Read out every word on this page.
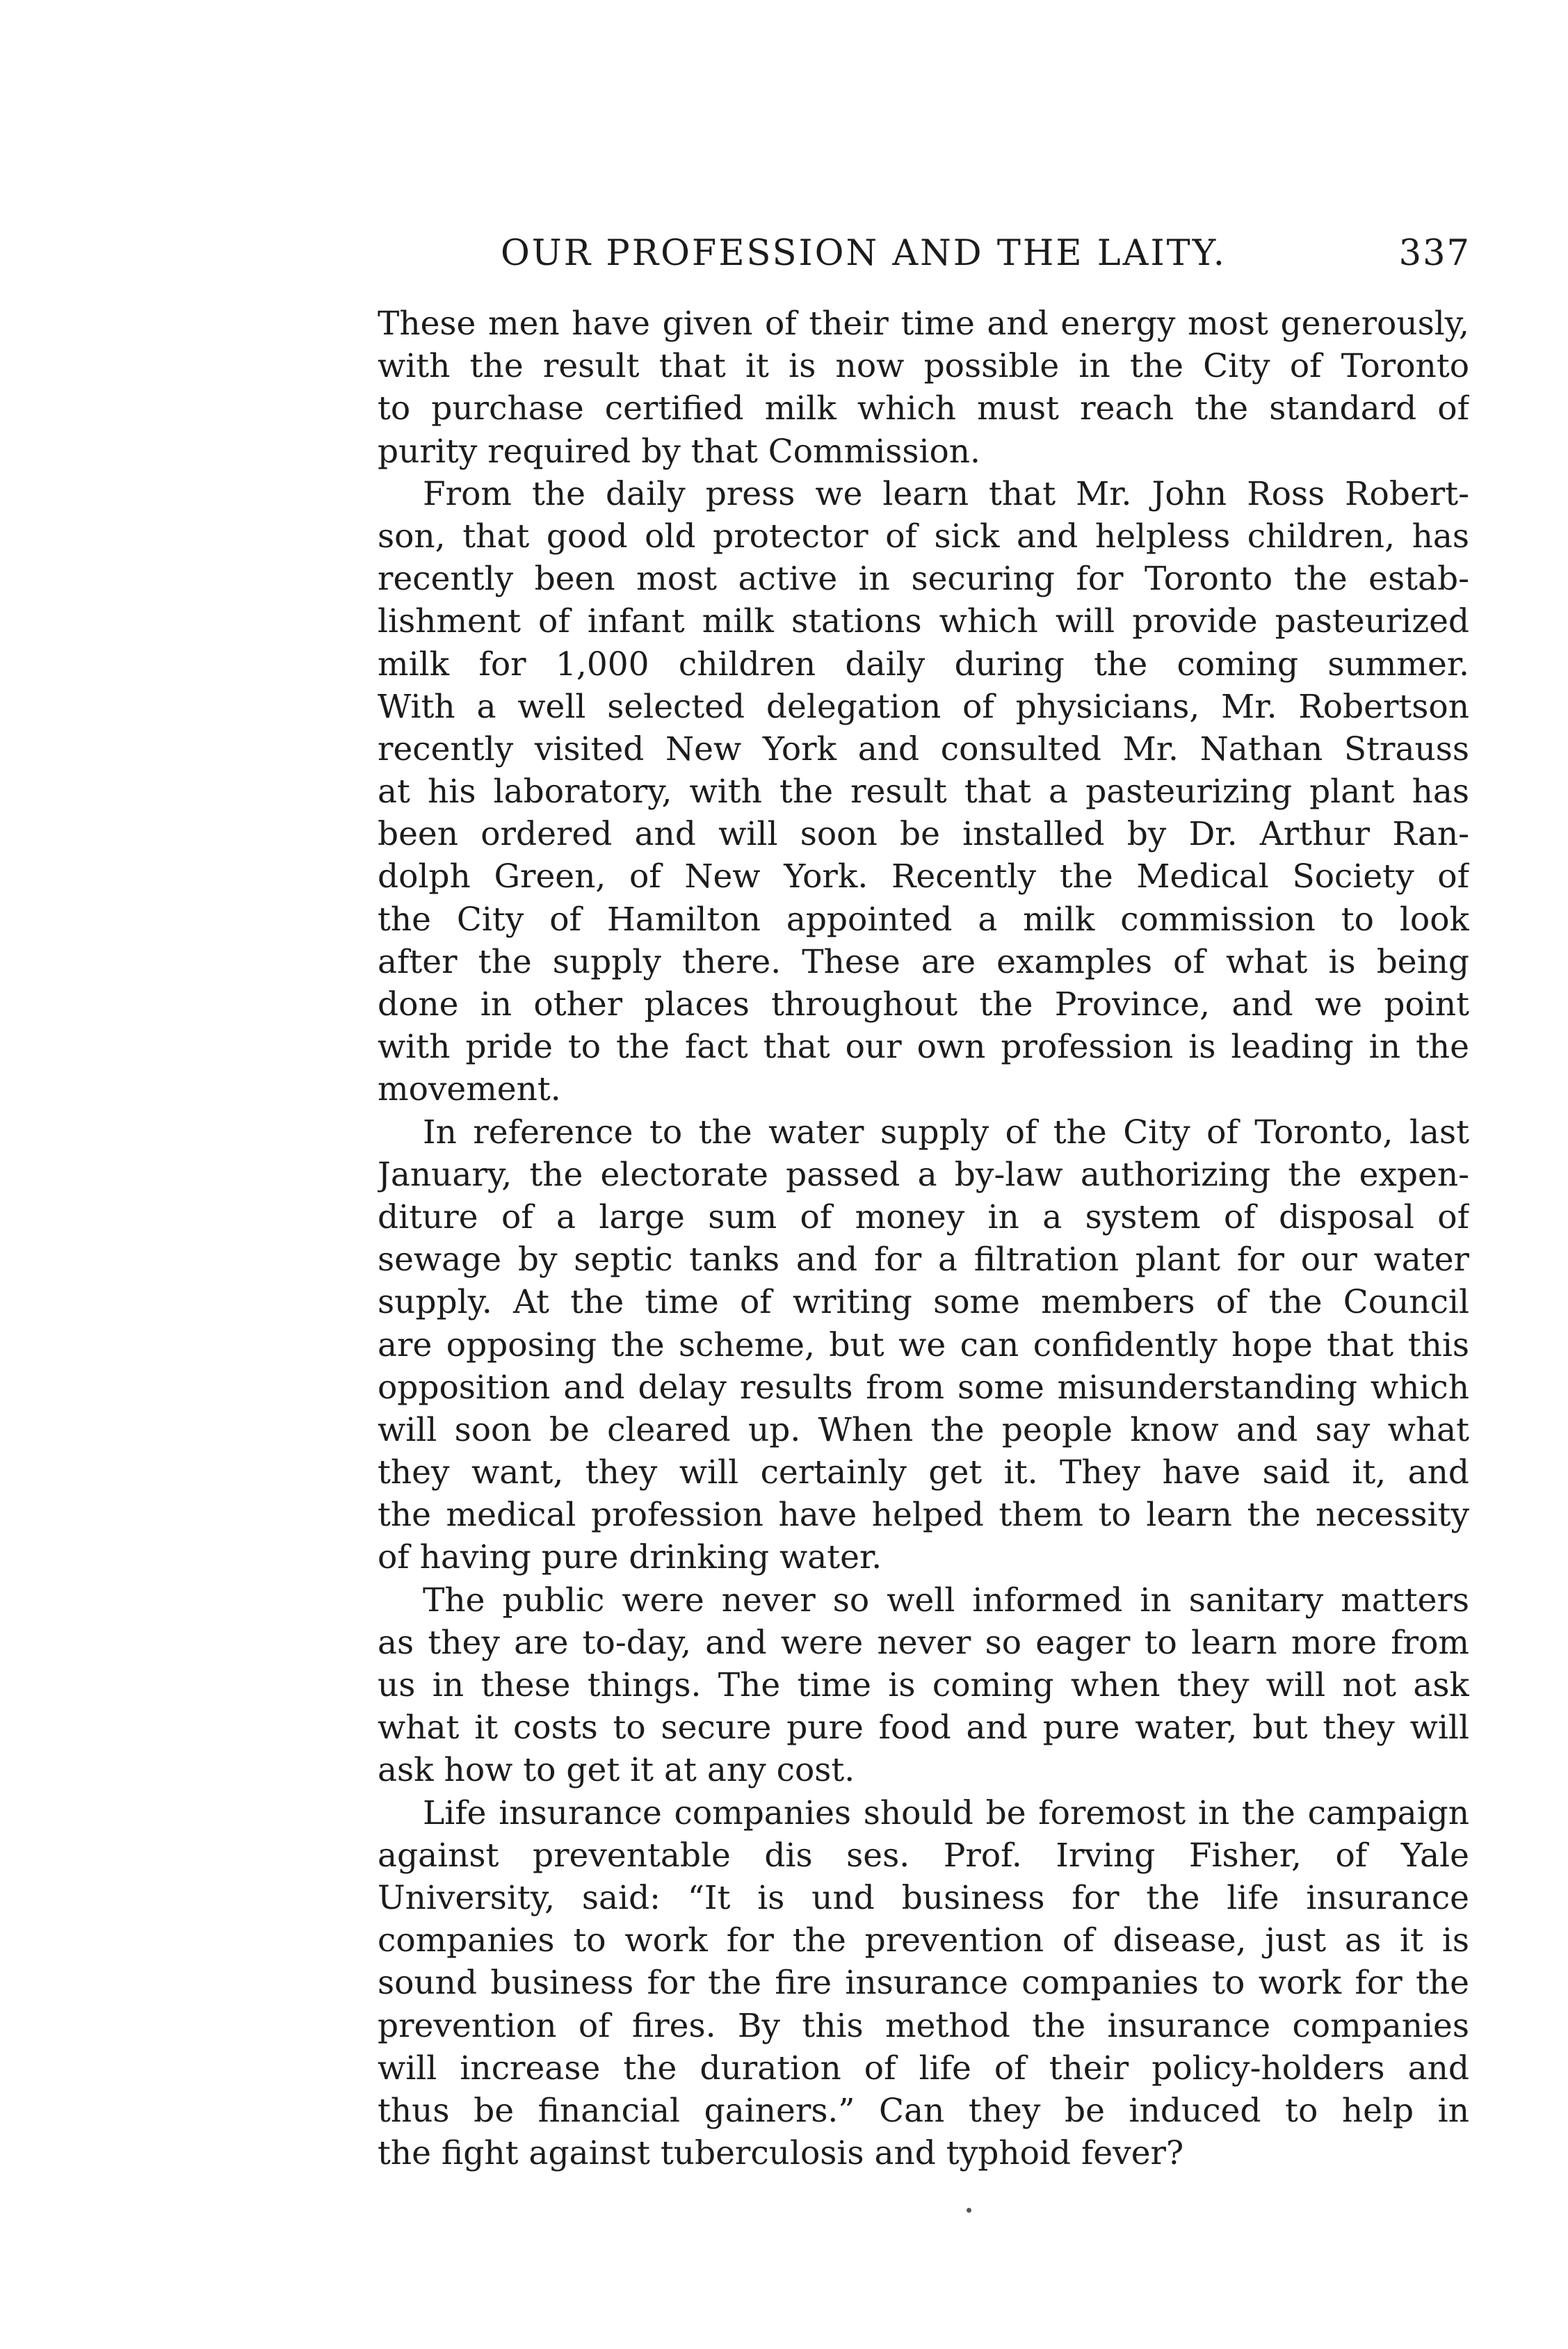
OUR PROFESSION AND THE LAITY.	337
These men have given of their time and energy most generously,
with the result that it is now possible in the City of Toronto
to purchase certified milk which must reach the standard of
purity required by that Commission.
From the daily press we learn that Mr. John Ross Robert-
son, that good old protector of sick and helpless children, has
recently been most active in securing for Toronto the estab-
lishment of infant milk stations which will provide pasteurized
milk for 1,000 children daily during the coming summer.
With a well selected delegation of physicians, Mr. Robertson
recently visited New York and consulted Mr. Nathan Strauss
at his laboratory, with the result that a pasteurizing plant has
been ordered and will soon be installed by Dr. Arthur Ran-
dolph Green, of New York. Recently the Medical Society of
the City of Hamilton appointed a milk commission to look
after the supply there. These are examples of what is being
done in other places throughout the Province, and we point
with pride to the fact that our own profession is leading in the
movement.
In reference to the water supply of the City of Toronto, last
January, the electorate passed a by-law authorizing the expen-
diture of a large sum of money in a system of disposal of
sewage by septic tanks and for a filtration plant for our water
supply. At the time of writing some members of the Council
are opposing the scheme, but we can confidently hope that this
opposition and delay results from some misunderstanding which
will soon be cleared up. When the people know and say what
they want, they will certainly get it. They have said it, and
the medical profession have helped them to learn the necessity
of having pure drinking water.
The public were never so well informed in sanitary matters
as they are to-day, and were never so eager to learn more from
us in these things. The time is coming when they will not ask
what it costs to secure pure food and pure water, but they will
ask how to get it at any cost.
Life insurance companies should be foremost in the campaign
against preventable dis ses. Prof. Irving Fisher, of Yale
University, said: “It is und business for the life insurance
companies to work for the prevention of disease, just as it is
sound business for the fire insurance companies to work for the
prevention of fires. By this method the insurance companies
will increase the duration of life of their policy-holders and
thus be financial gainers.” Can they be induced to help in
the fight against tuberculosis and typhoid fever?
